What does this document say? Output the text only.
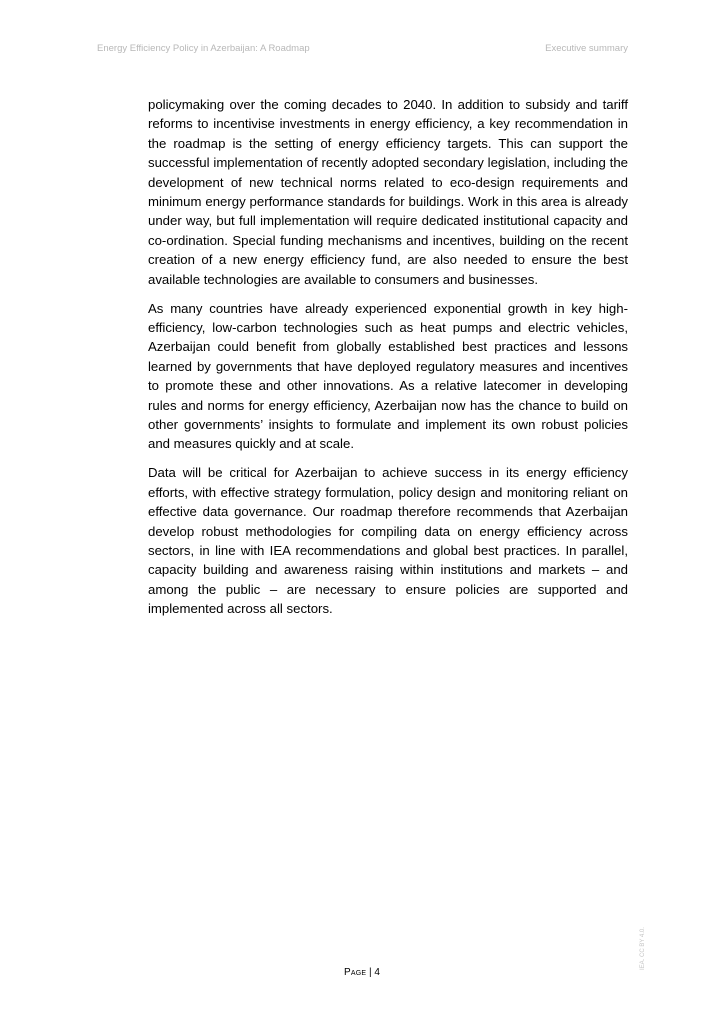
Energy Efficiency Policy in Azerbaijan: A Roadmap	Executive summary

policymaking over the coming decades to 2040. In addition to subsidy and tariff reforms to incentivise investments in energy efficiency, a key recommendation in the roadmap is the setting of energy efficiency targets. This can support the successful implementation of recently adopted secondary legislation, including the development of new technical norms related to eco-design requirements and minimum energy performance standards for buildings. Work in this area is already under way, but full implementation will require dedicated institutional capacity and co-ordination. Special funding mechanisms and incentives, building on the recent creation of a new energy efficiency fund, are also needed to ensure the best available technologies are available to consumers and businesses.

As many countries have already experienced exponential growth in key high-efficiency, low-carbon technologies such as heat pumps and electric vehicles, Azerbaijan could benefit from globally established best practices and lessons learned by governments that have deployed regulatory measures and incentives to promote these and other innovations. As a relative latecomer in developing rules and norms for energy efficiency, Azerbaijan now has the chance to build on other governments’ insights to formulate and implement its own robust policies and measures quickly and at scale.

Data will be critical for Azerbaijan to achieve success in its energy efficiency efforts, with effective strategy formulation, policy design and monitoring reliant on effective data governance. Our roadmap therefore recommends that Azerbaijan develop robust methodologies for compiling data on energy efficiency across sectors, in line with IEA recommendations and global best practices. In parallel, capacity building and awareness raising within institutions and markets – and among the public – are necessary to ensure policies are supported and implemented across all sectors.

Page | 4
IEA. CC BY 4.0.
